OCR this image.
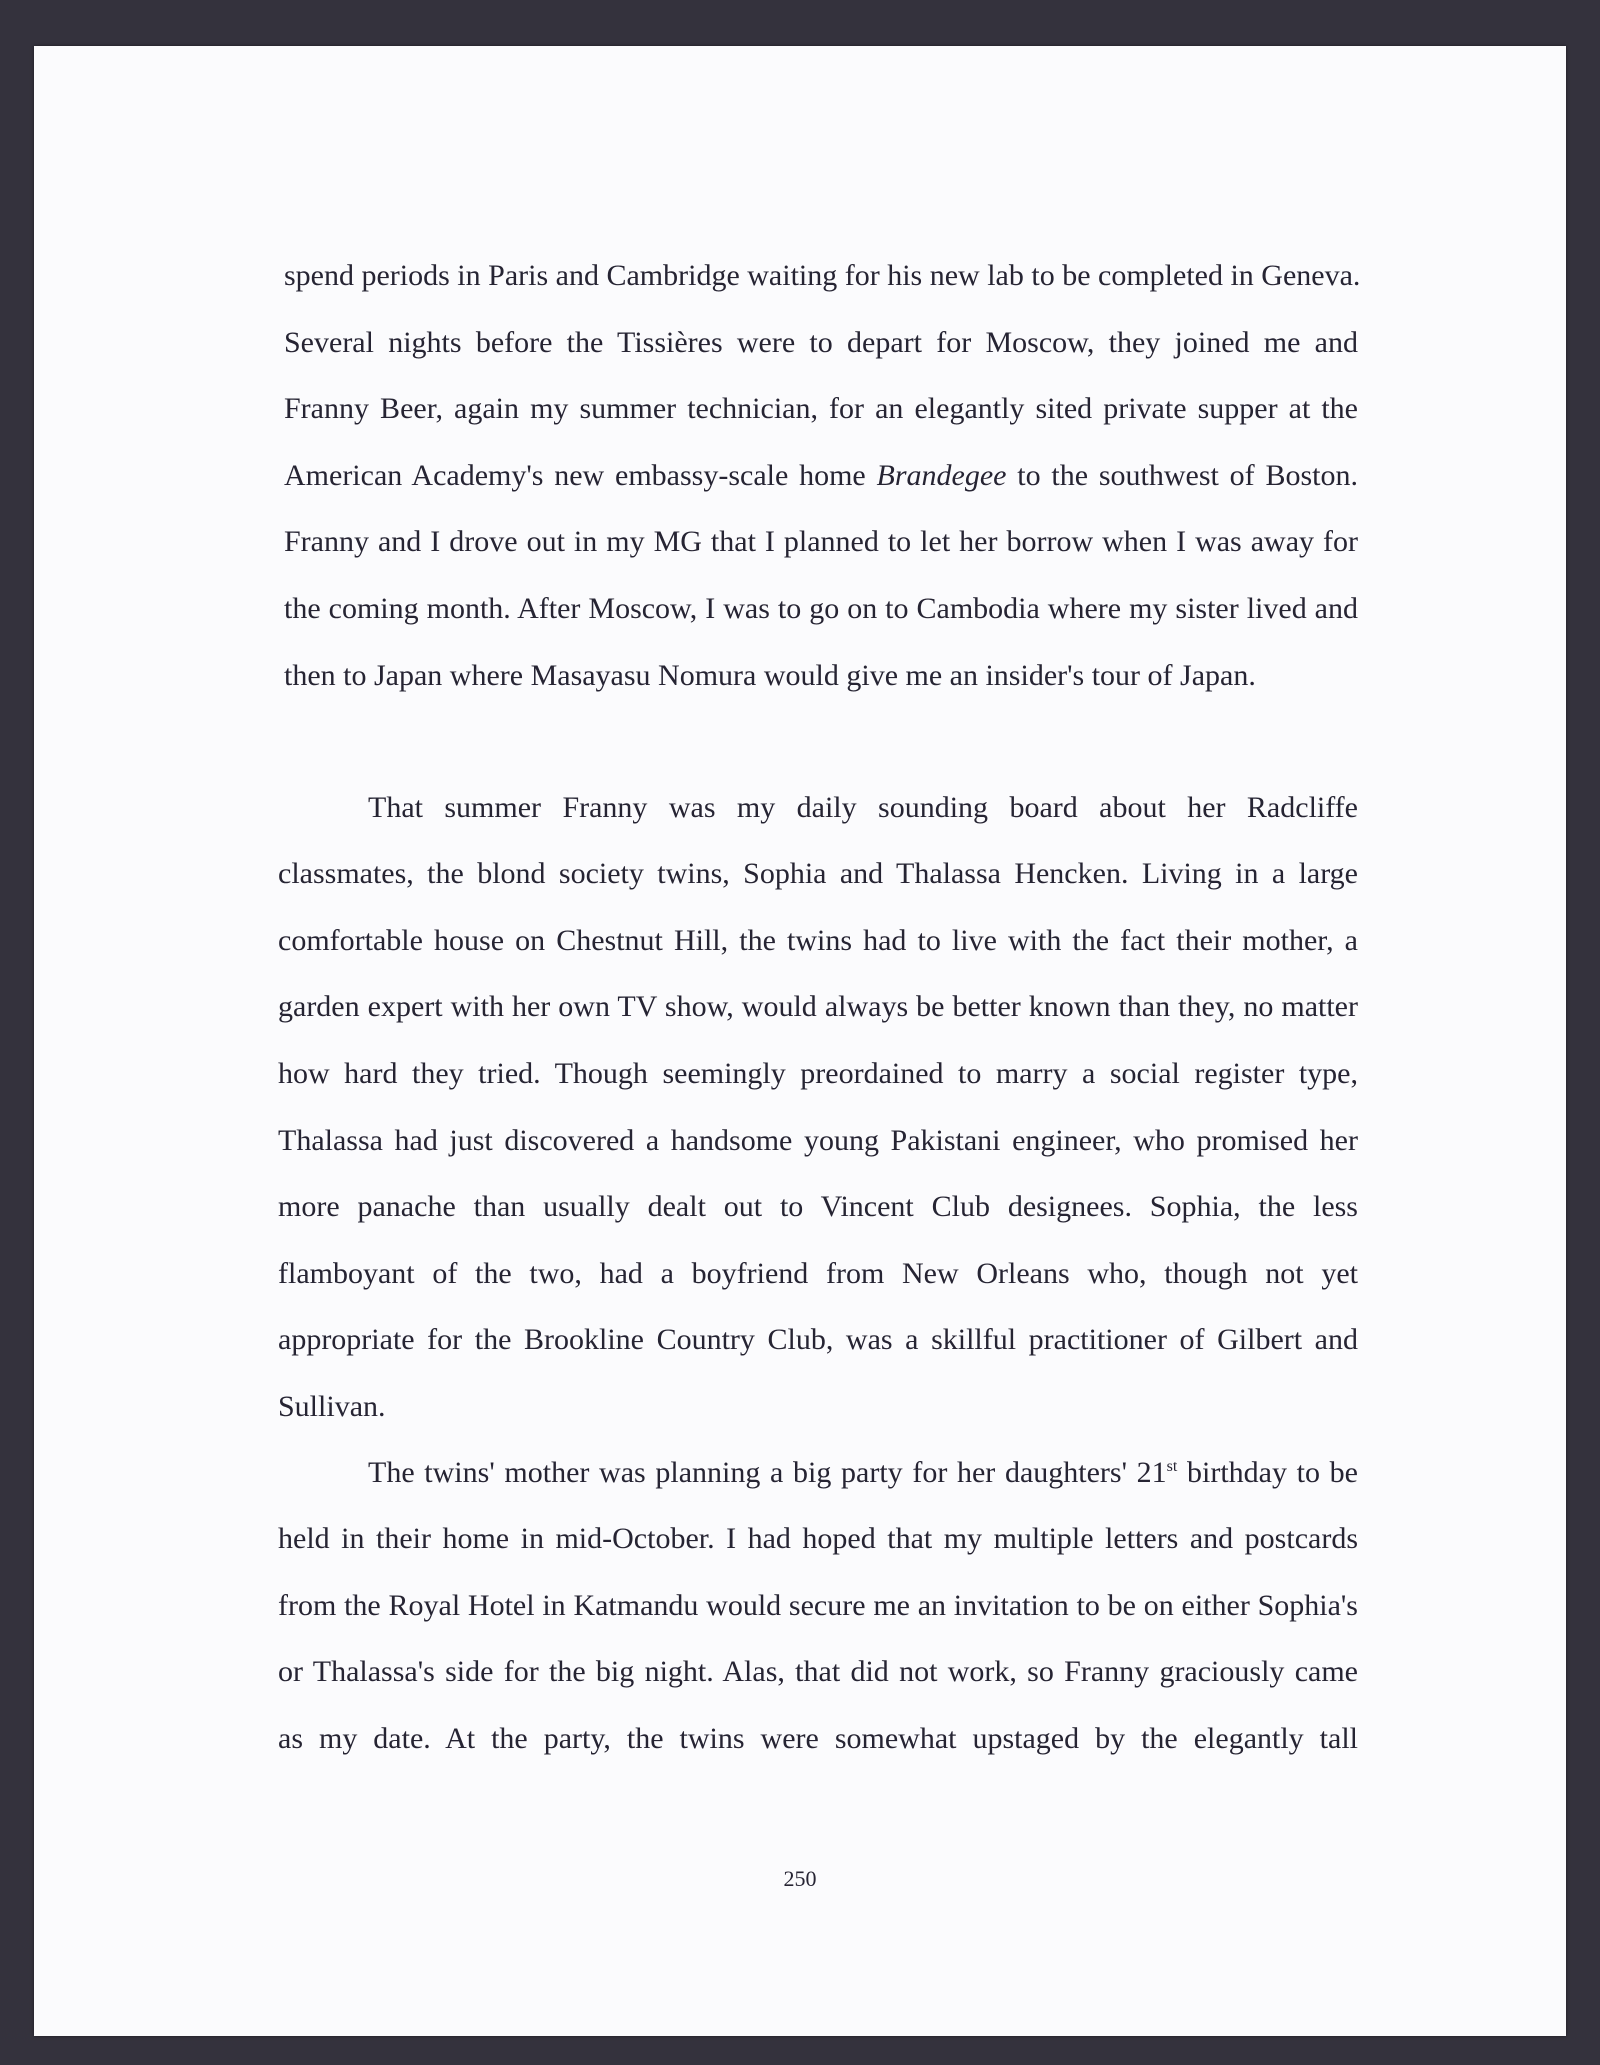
spend periods in Paris and Cambridge waiting for his new lab to be completed in Geneva.
Several nights before the Tissières were to depart for Moscow, they joined me and
Franny Beer, again my summer technician, for an elegantly sited private supper at the
American Academy's new embassy-scale home Brandegee to the southwest of Boston.
Franny and I drove out in my MG that I planned to let her borrow when I was away for
the coming month. After Moscow, I was to go on to Cambodia where my sister lived and
then to Japan where Masayasu Nomura would give me an insider's tour of Japan.
That summer Franny was my daily sounding board about her Radcliffe
classmates, the blond society twins, Sophia and Thalassa Hencken. Living in a large
comfortable house on Chestnut Hill, the twins had to live with the fact their mother, a
garden expert with her own TV show, would always be better known than they, no matter
how hard they tried. Though seemingly preordained to marry a social register type,
Thalassa had just discovered a handsome young Pakistani engineer, who promised her
more panache than usually dealt out to Vincent Club designees. Sophia, the less
flamboyant of the two, had a boyfriend from New Orleans who, though not yet
appropriate for the Brookline Country Club, was a skillful practitioner of Gilbert and
Sullivan.
The twins' mother was planning a big party for her daughters' 21st birthday to be
held in their home in mid-October. I had hoped that my multiple letters and postcards
from the Royal Hotel in Katmandu would secure me an invitation to be on either Sophia's
or Thalassa's side for the big night. Alas, that did not work, so Franny graciously came
as my date. At the party, the twins were somewhat upstaged by the elegantly tall
250
